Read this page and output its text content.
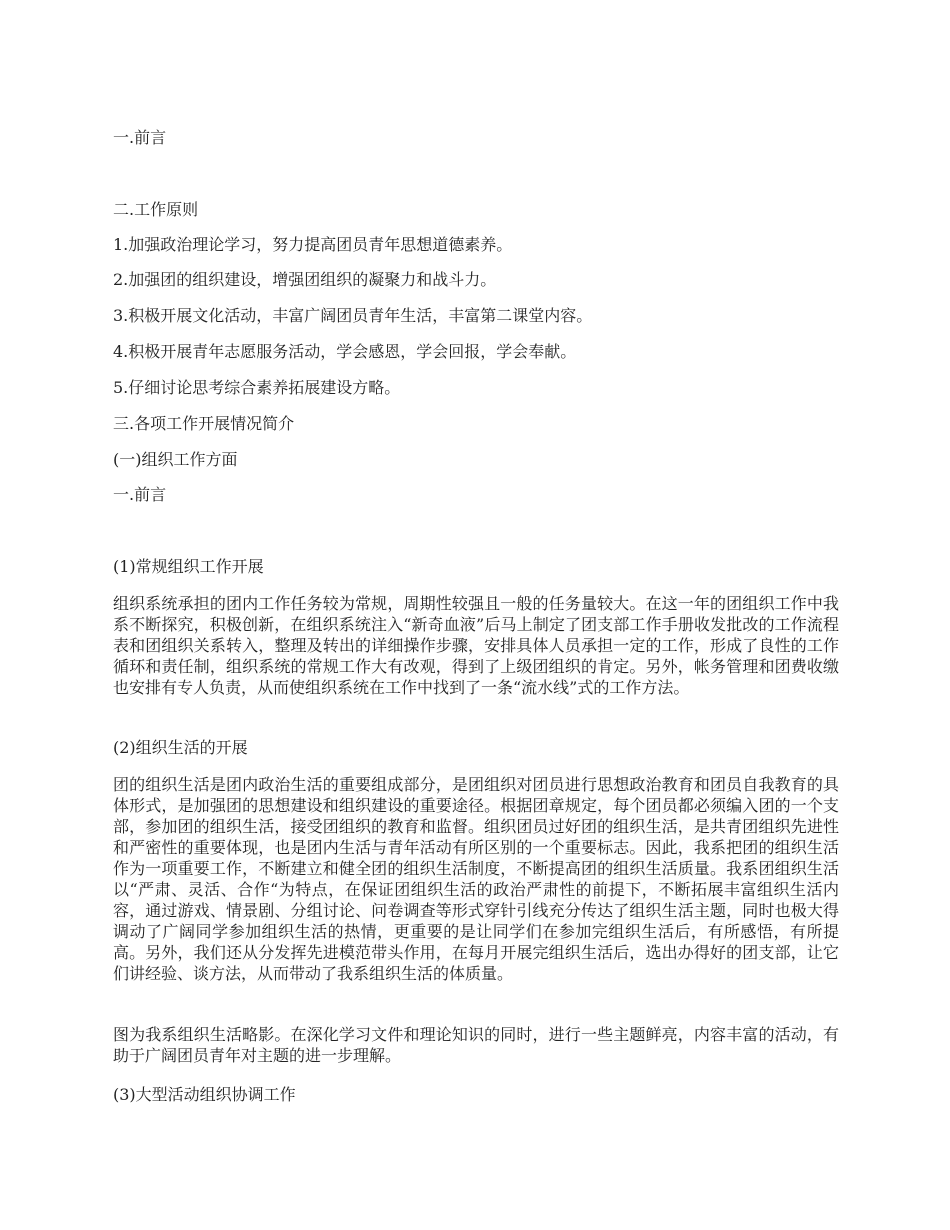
一.前言
二.工作原则
1.加强政治理论学习，努力提高团员青年思想道德素养。
2.加强团的组织建设，增强团组织的凝聚力和战斗力。
3.积极开展文化活动，丰富广阔团员青年生活，丰富第二课堂内容。
4.积极开展青年志愿服务活动，学会感恩，学会回报，学会奉献。
5.仔细讨论思考综合素养拓展建设方略。
三.各项工作开展情况简介
(一)组织工作方面
一.前言
(1)常规组织工作开展
组织系统承担的团内工作任务较为常规，周期性较强且一般的任务量较大。在这一年的团组织工作中我系不断探究，积极创新，在组织系统注入“新奇血液”后马上制定了团支部工作手册收发批改的工作流程表和团组织关系转入，整理及转出的详细操作步骤，安排具体人员承担一定的工作，形成了良性的工作循环和责任制，组织系统的常规工作大有改观，得到了上级团组织的肯定。另外，帐务管理和团费收缴也安排有专人负责，从而使组织系统在工作中找到了一条“流水线”式的工作方法。
(2)组织生活的开展
团的组织生活是团内政治生活的重要组成部分，是团组织对团员进行思想政治教育和团员自我教育的具体形式，是加强团的思想建设和组织建设的重要途径。根据团章规定，每个团员都必须编入团的一个支部，参加团的组织生活，接受团组织的教育和监督。组织团员过好团的组织生活，是共青团组织先进性和严密性的重要体现，也是团内生活与青年活动有所区别的一个重要标志。因此，我系把团的组织生活作为一项重要工作，不断建立和健全团的组织生活制度，不断提高团的组织生活质量。我系团组织生活以“严肃、灵活、合作“为特点，在保证团组织生活的政治严肃性的前提下，不断拓展丰富组织生活内容，通过游戏、情景剧、分组讨论、问卷调查等形式穿针引线充分传达了组织生活主题，同时也极大得调动了广阔同学参加组织生活的热情，更重要的是让同学们在参加完组织生活后，有所感悟，有所提高。另外，我们还从分发挥先进模范带头作用，在每月开展完组织生活后，选出办得好的团支部，让它们讲经验、谈方法，从而带动了我系组织生活的体质量。
图为我系组织生活略影。在深化学习文件和理论知识的同时，进行一些主题鲜亮，内容丰富的活动，有助于广阔团员青年对主题的进一步理解。
(3)大型活动组织协调工作
